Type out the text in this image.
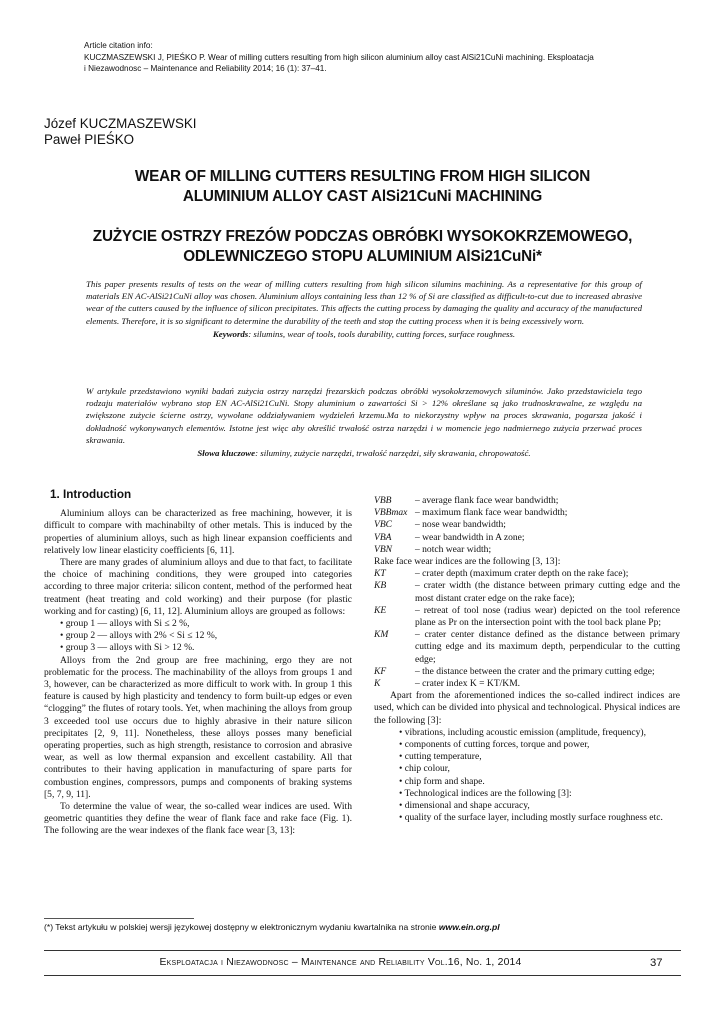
Article citation info:
KUCZMASZEWSKI J, PIEŚKO P. Wear of milling cutters resulting from high silicon aluminium alloy cast AlSi21CuNi machining. Eksploatacja
i Niezawodnosc – Maintenance and Reliability 2014; 16 (1): 37–41.
Józef KUCZMASZEWSKI
Paweł PIEŚKO
WEAR OF MILLING CUTTERS RESULTING FROM HIGH SILICON
ALUMINIUM ALLOY CAST AlSi21CuNi MACHINING
ZUŻYCIE OSTRZY FREZÓW PODCZAS OBRÓBKI WYSOKOKRZEMOWEGO,
ODLEWNICZEGO STOPU ALUMINIUM AlSi21CuNi*
This paper presents results of tests on the wear of milling cutters resulting from high silicon silumins machining. As a representative for this group of materials EN AC-AlSi21CuNi alloy was chosen. Aluminium alloys containing less than 12 % of Si are classified as difficult-to-cut due to increased abrasive wear of the cutters caused by the influence of silicon precipitates. This affects the cutting process by damaging the quality and accuracy of the manufactured elements. Therefore, it is so significant to determine the durability of the teeth and stop the cutting process when it is being excessively worn.
Keywords: silumins, wear of tools, tools durability, cutting forces, surface roughness.
W artykule przedstawiono wyniki badań zużycia ostrzy narzędzi frezarskich podczas obróbki wysokokrzemowych siluminów. Jako przedstawiciela tego rodzaju materiałów wybrano stop EN AC-AlSi21CuNi. Stopy aluminium o zawartości Si > 12% określane są jako trudnoskrawalne, ze względu na zwiększone zużycie ścierne ostrzy, wywołane oddziaływaniem wydzieleń krzemu.Ma to niekorzystny wpływ na proces skrawania, pogarsza jakość i dokładność wykonywanych elementów. Istotne jest więc aby określić trwałość ostrza narzędzi i w momencie jego nadmiernego zużycia przerwać proces skrawania.
Słowa kluczowe: siluminy, zużycie narzędzi, trwałość narzędzi, siły skrawania, chropowatość.
1. Introduction

Aluminium alloys can be characterized as free machining, however, it is difficult to compare with machinabilty of other metals. This is induced by the properties of aluminium alloys, such as high linear expansion coefficients and relatively low linear elasticity coefficients [6, 11].

There are many grades of aluminium alloys and due to that fact, to facilitate the choice of machining conditions, they were grouped into categories according to three major criteria: silicon content, method of the performed heat treatment (heat treating and cold working) and their purpose (for plastic working and for casting) [6, 11, 12]. Aluminium alloys are grouped as follows:

• group 1 — alloys with Si ≤ 2 %,

• group 2 — alloys with 2% < Si ≤ 12 %,

• group 3 — alloys with Si > 12 %.

Alloys from the 2nd group are free machining, ergo they are not problematic for the process. The machinability of the alloys from groups 1 and 3, however, can be characterized as more difficult to work with. In group 1 this feature is caused by high plasticity and tendency to form built-up edges or even “clogging” the flutes of rotary tools. Yet, when machining the alloys from group 3 exceeded tool use occurs due to highly abrasive in their nature silicon precipitates [2, 9, 11]. Nonetheless, these alloys posses many beneficial operating properties, such as high strength, resistance to corrosion and abrasive wear, as well as low thermal expansion and excellent castability. All that contributes to their having application in manufacturing of spare parts for combustion engines, compressors, pumps and components of braking systems [5, 7, 9, 11].

To determine the value of wear, the so-called wear indices are used. With geometric quantities they define the wear of flank face and rake face (Fig. 1). The following are the wear indexes of the flank face wear [3, 13]:

VBB	– average flank face wear bandwidth;
VBBmax – maximum flank face wear bandwidth;
VBC	– nose wear bandwidth;
VBA	– wear bandwidth in A zone;
VBN	– notch wear width;
Rake face wear indices are the following [3, 13]:
KT	– crater depth (maximum crater depth on the rake face);
KB	– crater width (the distance between primary cutting edge and the most distant crater edge on the rake face);
KE	– retreat of tool nose (radius wear) depicted on the tool reference plane as Pr on the intersection point with the tool back plane Pp;
KM	– crater center distance defined as the distance between primary cutting edge and its maximum depth, perpendicular to the cutting edge;
KF	– the distance between the crater and the primary cutting edge;
K	– crater index K = KT/KM.

Apart from the aforementioned indices the so-called indirect indices are used, which can be divided into physical and technological. Physical indices are the following [3]:

• vibrations, including acoustic emission (amplitude, frequency),

• components of cutting forces, torque and power,

• cutting temperature,

• chip colour,

• chip form and shape.

• Technological indices are the following [3]:

• dimensional and shape accuracy,

• quality of the surface layer, including mostly surface roughness etc.

(*) Tekst artykułu w polskiej wersji językowej dostępny w elektronicznym wydaniu kwartalnika na stronie www.ein.org.pl
Eksploatacja i Niezawodnosc – Maintenance and Reliability Vol.16, No. 1, 2014	37
